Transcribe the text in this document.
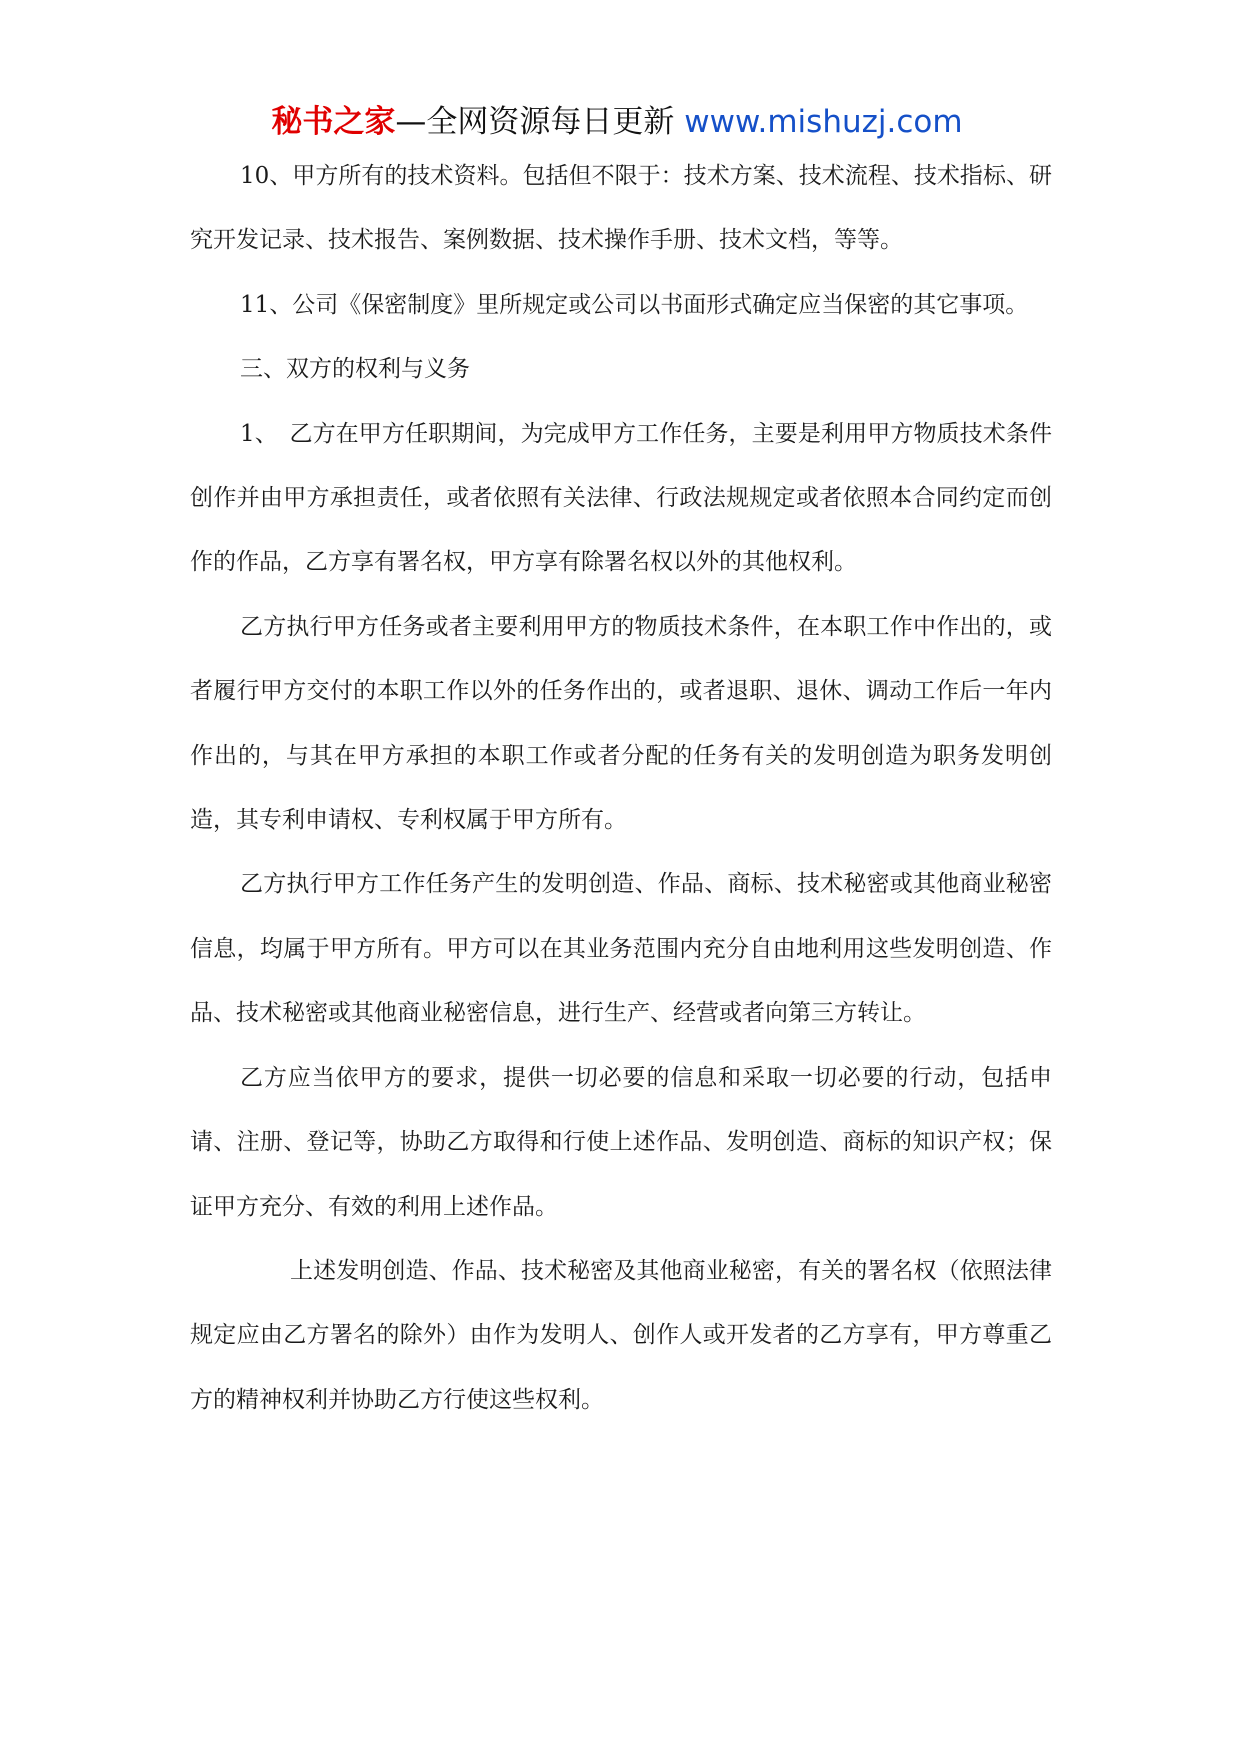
秘书之家—全网资源每日更新 www.mishuzj.com

10、甲方所有的技术资料。包括但不限于：技术方案、技术流程、技术指标、研究开发记录、技术报告、案例数据、技术操作手册、技术文档，等等。

11、公司《保密制度》里所规定或公司以书面形式确定应当保密的其它事项。

三、双方的权利与义务

1、　乙方在甲方任职期间，为完成甲方工作任务，主要是利用甲方物质技术条件创作并由甲方承担责任，或者依照有关法律、行政法规规定或者依照本合同约定而创作的作品，乙方享有署名权，甲方享有除署名权以外的其他权利。

乙方执行甲方任务或者主要利用甲方的物质技术条件，在本职工作中作出的，或者履行甲方交付的本职工作以外的任务作出的，或者退职、退休、调动工作后一年内作出的，与其在甲方承担的本职工作或者分配的任务有关的发明创造为职务发明创造，其专利申请权、专利权属于甲方所有。

乙方执行甲方工作任务产生的发明创造、作品、商标、技术秘密或其他商业秘密信息，均属于甲方所有。甲方可以在其业务范围内充分自由地利用这些发明创造、作品、技术秘密或其他商业秘密信息，进行生产、经营或者向第三方转让。

乙方应当依甲方的要求，提供一切必要的信息和采取一切必要的行动，包括申请、注册、登记等，协助乙方取得和行使上述作品、发明创造、商标的知识产权；保证甲方充分、有效的利用上述作品。

上述发明创造、作品、技术秘密及其他商业秘密，有关的署名权（依照法律规定应由乙方署名的除外）由作为发明人、创作人或开发者的乙方享有，甲方尊重乙方的精神权利并协助乙方行使这些权利。
